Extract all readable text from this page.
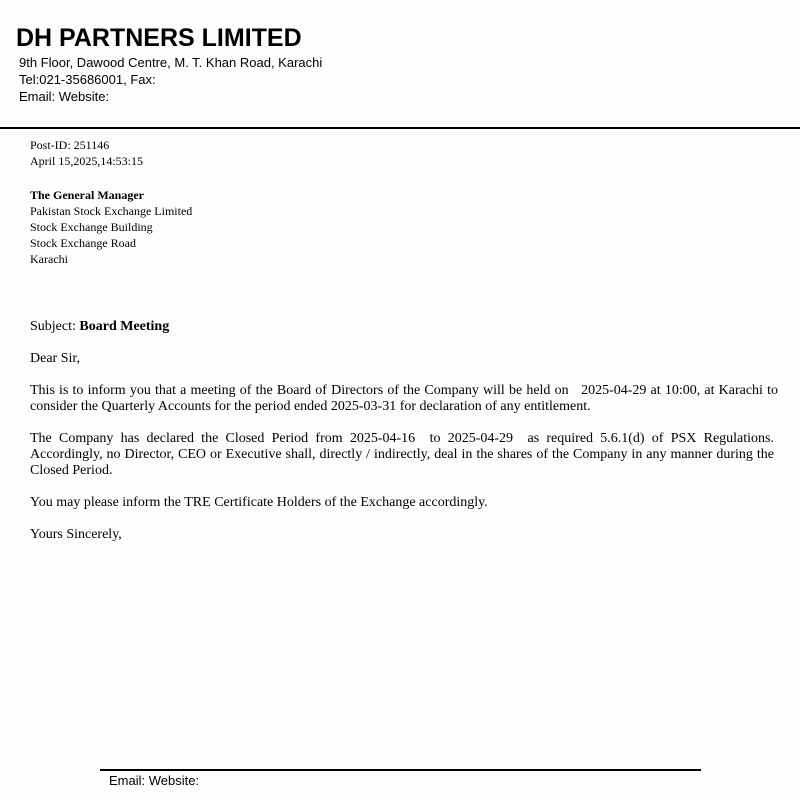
DH PARTNERS LIMITED
9th Floor, Dawood Centre, M. T. Khan Road, Karachi
Tel:021-35686001, Fax:
Email: Website:
Post-ID: 251146
April 15,2025,14:53:15
The General Manager
Pakistan Stock Exchange Limited
Stock Exchange Building
Stock Exchange Road
Karachi
Subject: Board Meeting
Dear Sir,
This is to inform you that a meeting of the Board of Directors of the Company will be held on   2025-04-29 at 10:00, at Karachi to consider the Quarterly Accounts for the period ended 2025-03-31 for declaration of any entitlement.
The Company has declared the Closed Period from 2025-04-16  to 2025-04-29  as required 5.6.1(d) of PSX Regulations. Accordingly, no Director, CEO or Executive shall, directly / indirectly, deal in the shares of the Company in any manner during the Closed Period.
You may please inform the TRE Certificate Holders of the Exchange accordingly.
Yours Sincerely,
Email: Website:
